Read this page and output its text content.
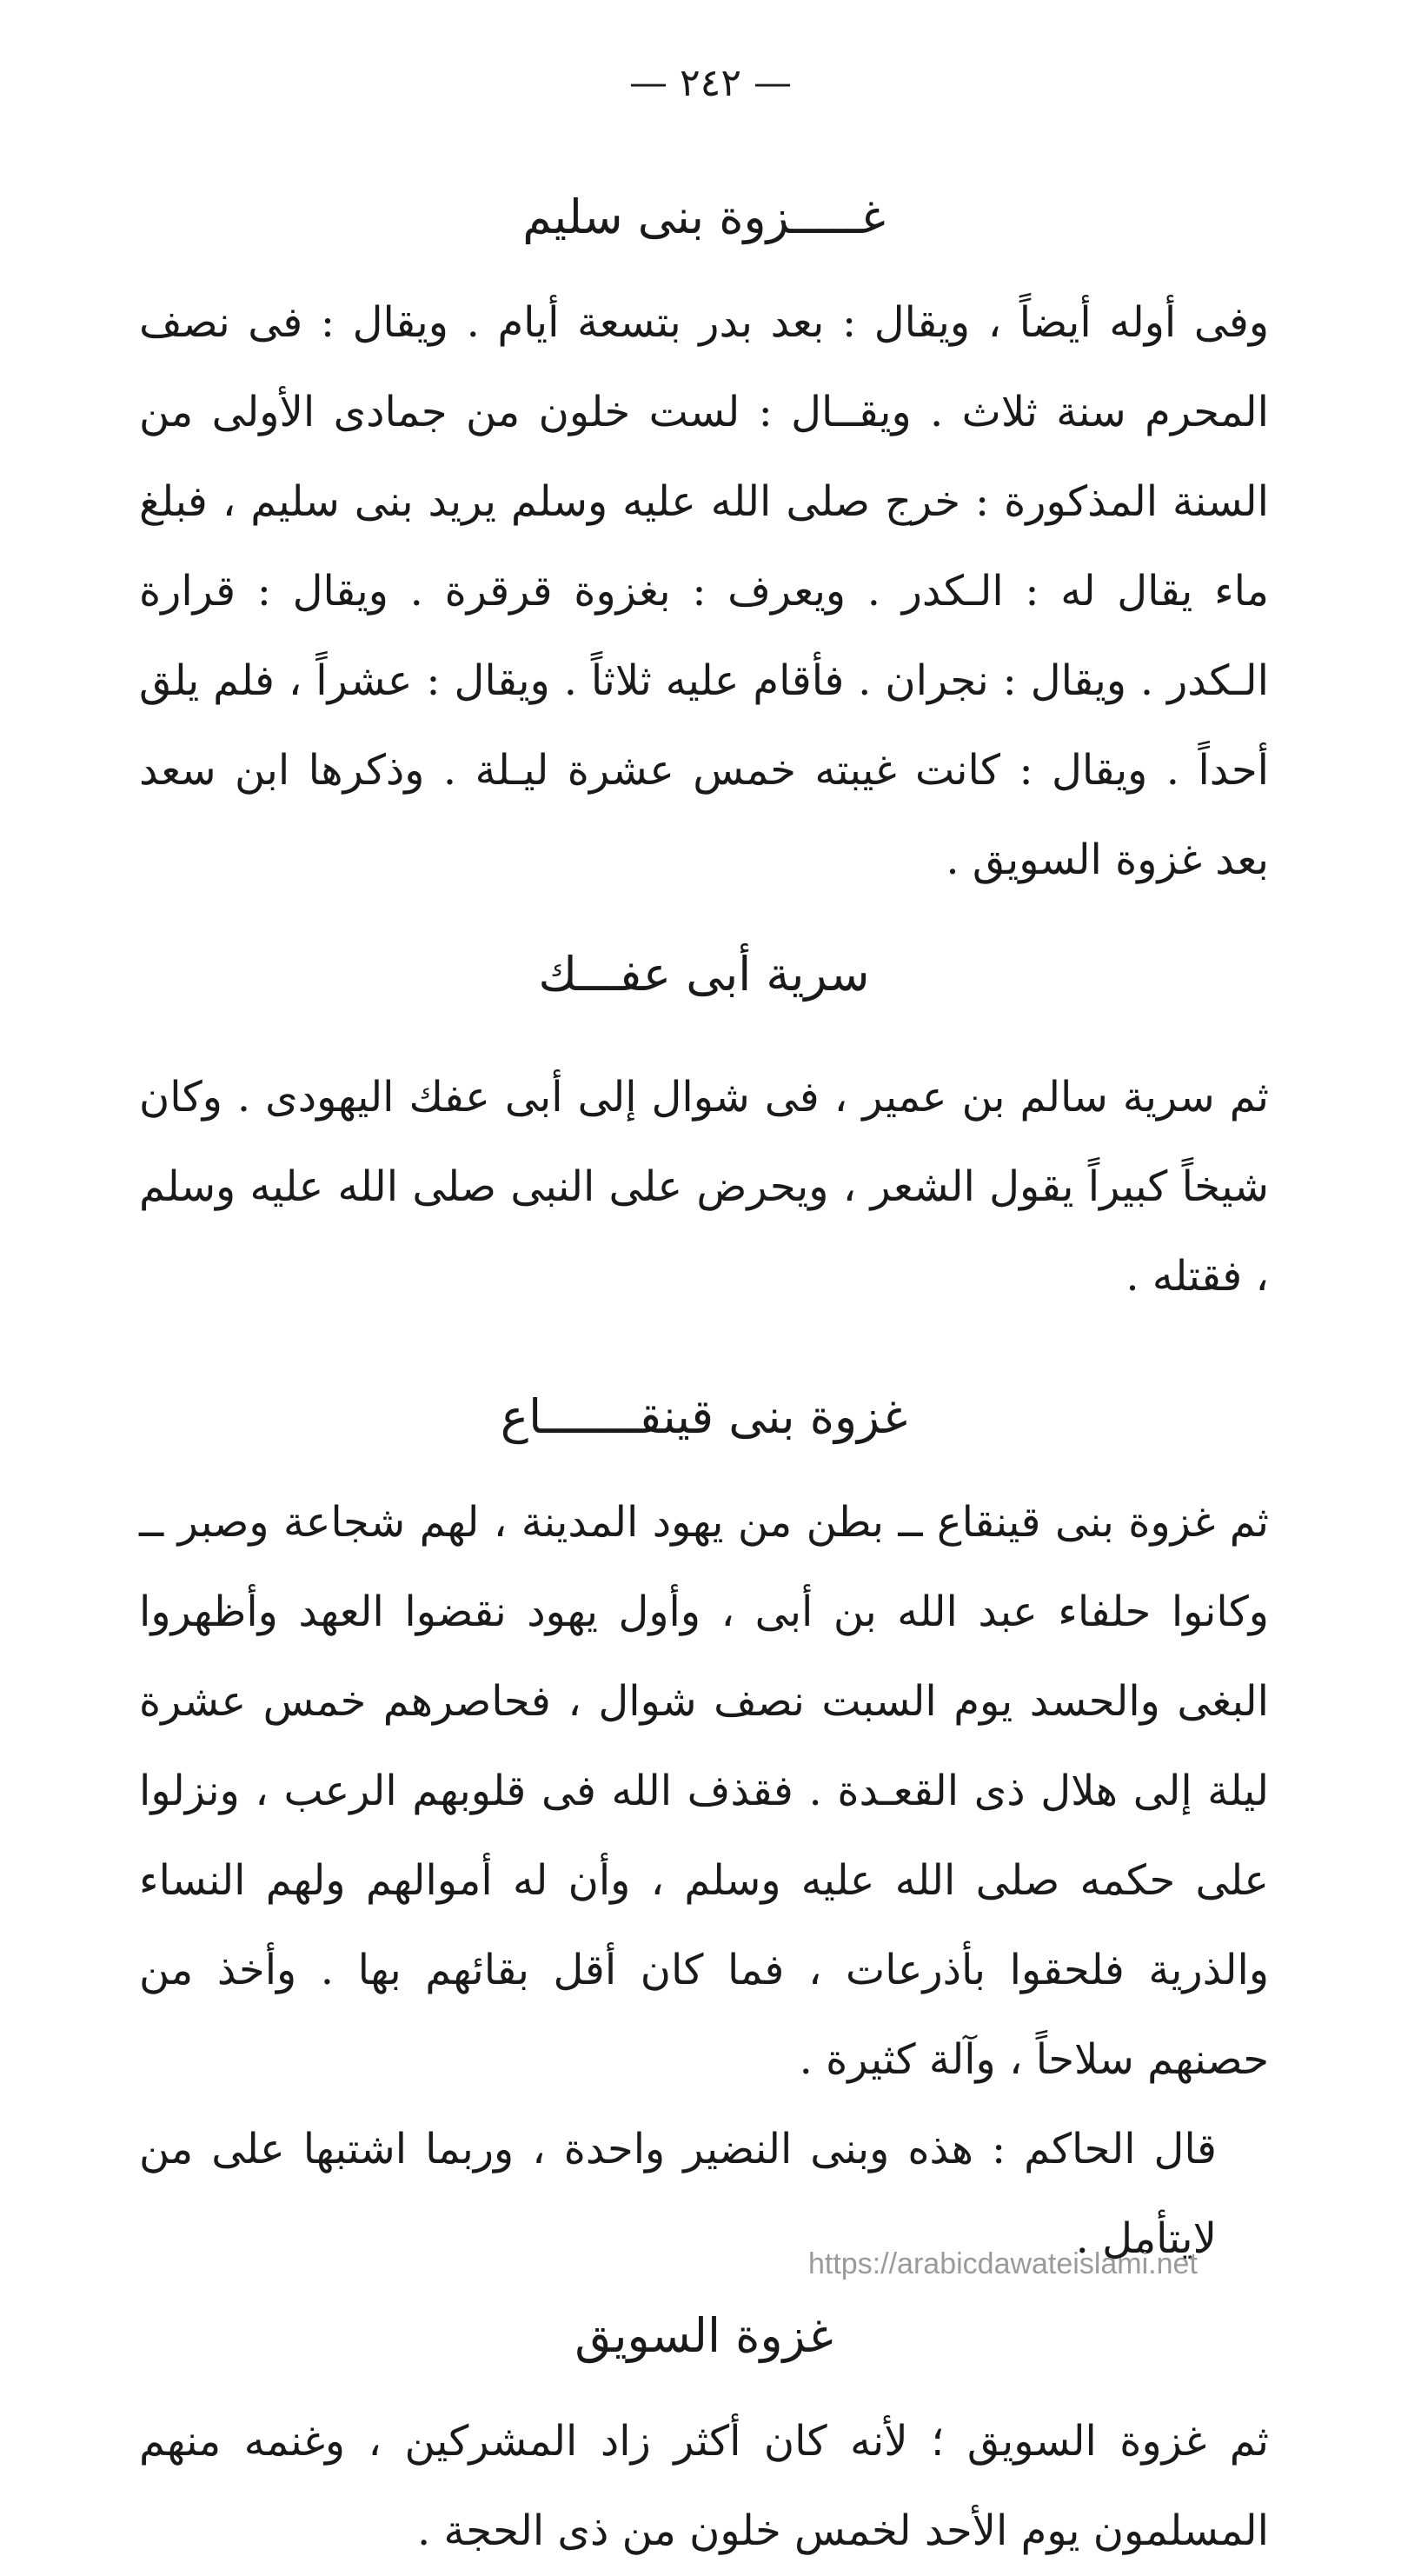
— ٢٤٢ —
غـــــزوة بنى سليم

وفى أوله أيضاً ، ويقال : بعد بدر بتسعة أيام . ويقال : فى نصف المحرم سنة ثلاث . ويقــال : لست خلون من جمادى الأولى من السنة المذكورة : خرج صلى الله عليه وسلم يريد بنى سليم ، فبلغ ماء يقال له : الـكدر . ويعرف : بغزوة قرقرة . ويقال : قرارة الـكدر . ويقال : نجران . فأقام عليه ثلاثاً . ويقال : عشراً ، فلم يلق أحداً . ويقال : كانت غيبته خمس عشرة ليـلة . وذكرها ابن سعد بعد غزوة السويق .

سرية أبى عفـــك

ثم سرية سالم بن عمير ، فى شوال إلى أبى عفك اليهودى . وكان شيخاً كبيراً يقول الشعر ، ويحرض على النبى صلى الله عليه وسلم ، فقتله .

غزوة بنى قينقـــــــاع

ثم غزوة بنى قينقاع ــ بطن من يهود المدينة ، لهم شجاعة وصبر ــ وكانوا حلفاء عبد الله بن أبى ، وأول يهود نقضوا العهد وأظهروا البغى والحسد يوم السبت نصف شوال ، فحاصرهم خمس عشرة ليلة إلى هلال ذى القعـدة . فقذف الله فى قلوبهم الرعب ، ونزلوا على حكمه صلى الله عليه وسلم ، وأن له أموالهم ولهم النساء والذرية فلحقوا بأذرعات ، فما كان أقل بقائهم بها . وأخذ من حصنهم سلاحاً ، وآلة كثيرة .

قال الحاكم : هذه وبنى النضير واحدة ، وربما اشتبها على من لايتأمل .

غزوة السويق

ثم غزوة السويق ؛ لأنه كان أكثر زاد المشركين ، وغنمه منهم المسلمون يوم الأحد لخمس خلون من ذى الحجة .

https://arabicdawateislami.net
